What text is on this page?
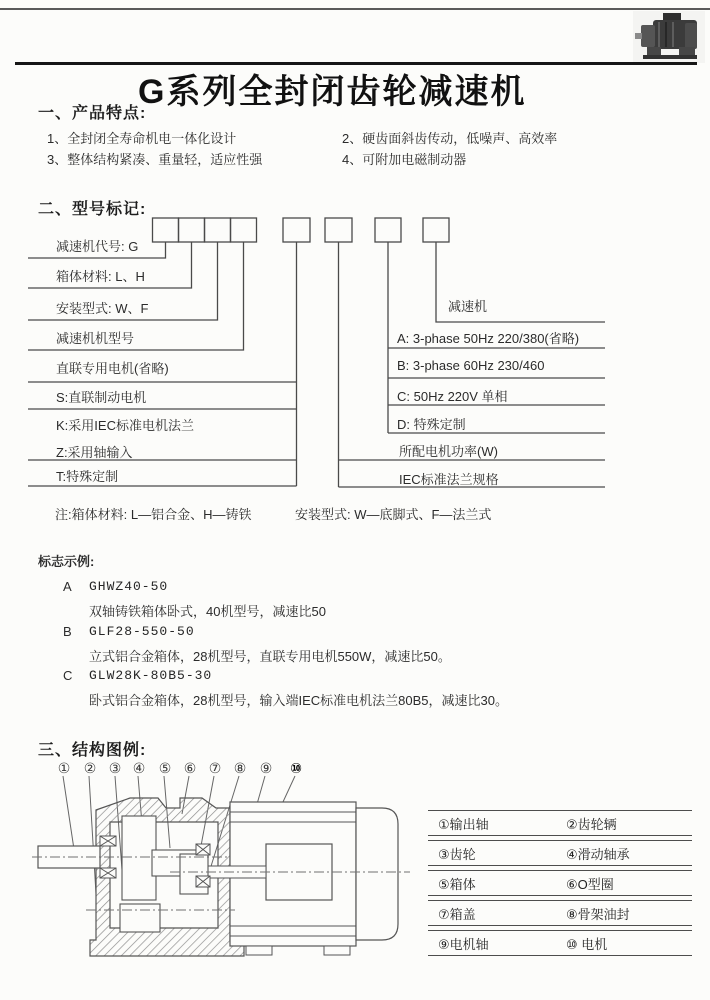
G系列全封闭齿轮减速机
一、产品特点:
1、全封闭全寿命机电一体化设计	2、硬齿面斜齿传动，低噪声、高效率
3、整体结构紧凑、重量轻，适应性强	4、可附加电磁制动器
二、型号标记:
减速机代号: G
箱体材料: L、H
安装型式: W、F
减速机机型号
直联专用电机(省略)
S:直联制动电机
K:采用IEC标准电机法兰
Z:采用轴输入
T:特殊定制
减速机
A: 3-phase 50Hz 220/380(省略)
B: 3-phase 60Hz 230/460
C: 50Hz 220V 单相
D: 特殊定制
所配电机功率(W)
IEC标准法兰规格
注:箱体材料: L—铝合金、H—铸铁	安装型式: W—底脚式、F—法兰式
标志示例:
A GHWZ40-50
双轴铸铁箱体卧式，40机型号，减速比50
B GLF28-550-50
立式铝合金箱体，28机型号，直联专用电机550W，减速比50。
C GLW28K-80B5-30
卧式铝合金箱体，28机型号，输入端IEC标准电机法兰80B5，减速比30。
三、结构图例:
① ② ③ ④ ⑤ ⑥ ⑦ ⑧ ⑨ ⑩
①输出轴	②齿轮辆
③齿轮	④滑动轴承
⑤箱体	⑥O型圈
⑦箱盖	⑧骨架油封
⑨电机轴	⑩ 电机
